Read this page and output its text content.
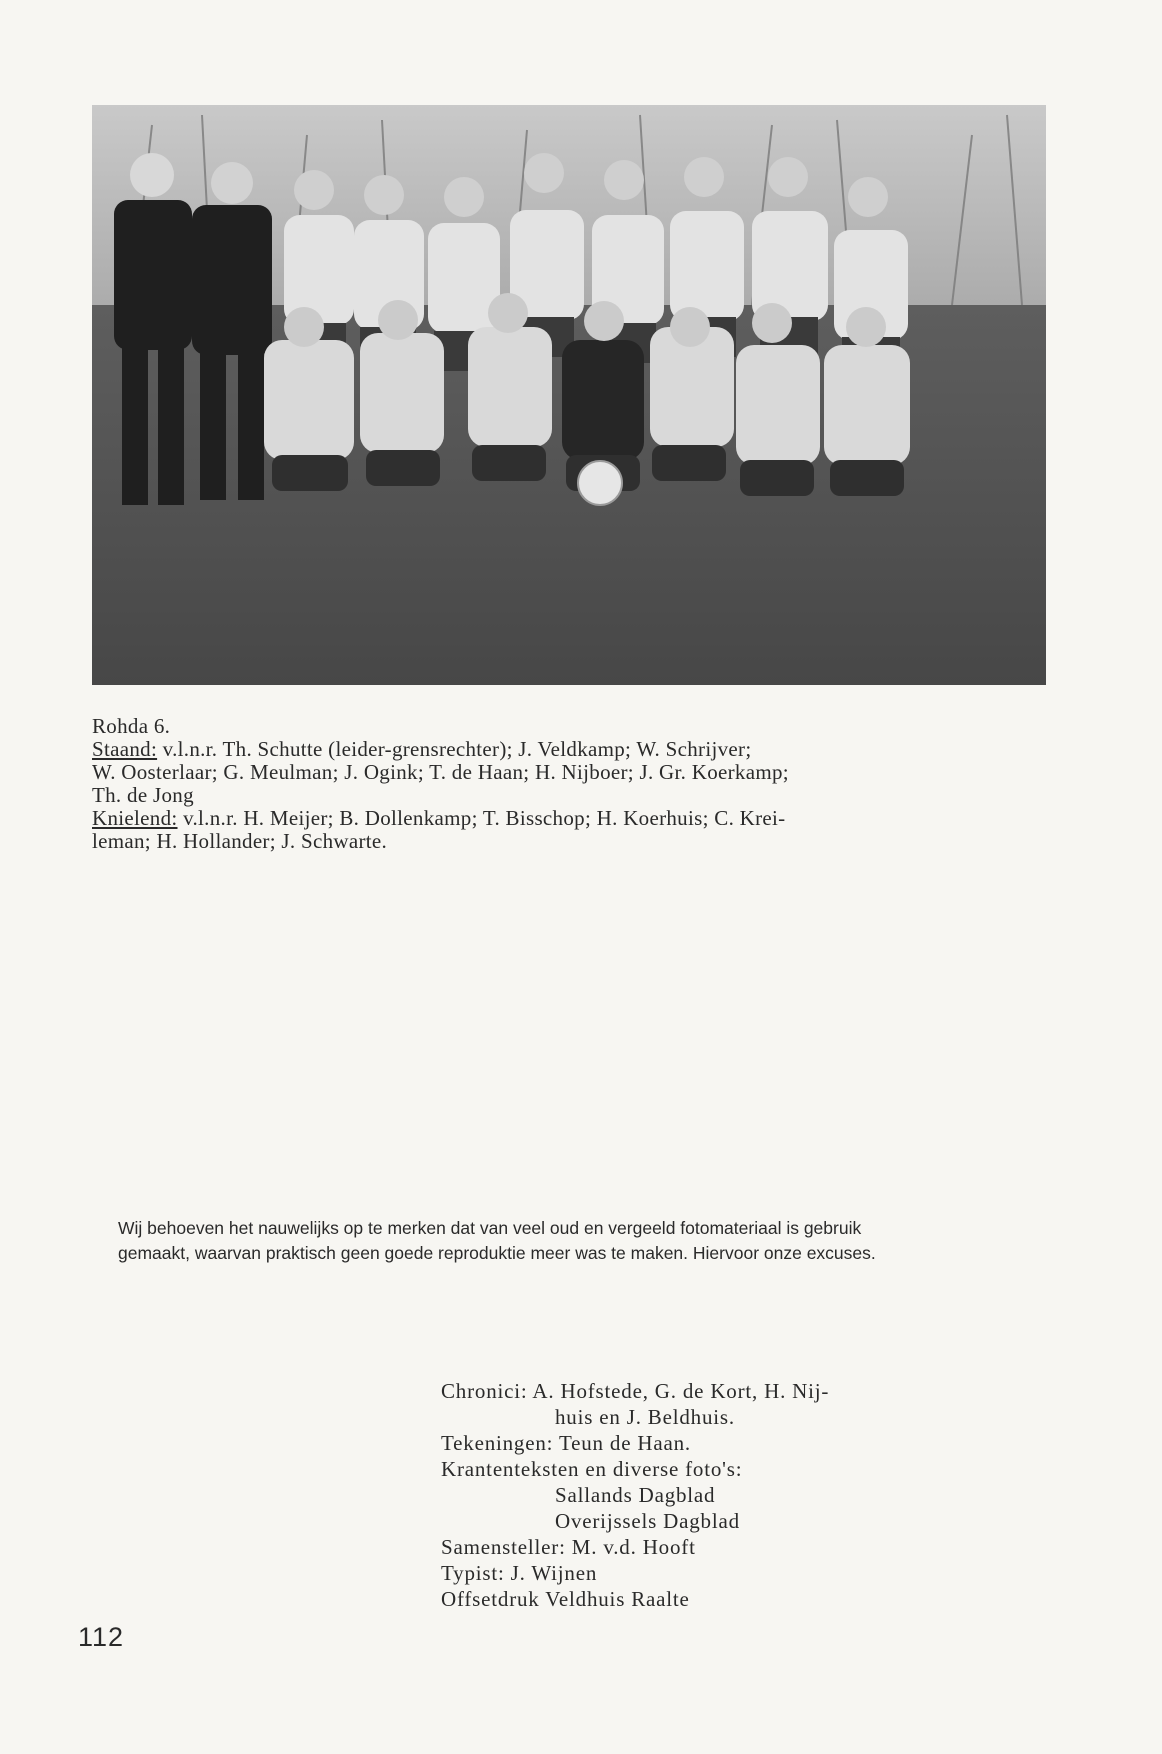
Rohda 6.
Staand: v.l.n.r. Th. Schutte (leider-grensrechter); J. Veldkamp; W. Schrijver;
W. Oosterlaar; G. Meulman; J. Ogink; T. de Haan; H. Nijboer; J. Gr. Koerkamp;
Th. de Jong
Knielend: v.l.n.r. H. Meijer; B. Dollenkamp; T. Bisschop; H. Koerhuis; C. Krei-
leman; H. Hollander; J. Schwarte.
Wij behoeven het nauwelijks op te merken dat van veel oud en vergeeld fotomateriaal is gebruik
gemaakt, waarvan praktisch geen goede reproduktie meer was te maken. Hiervoor onze excuses.
Chronici: A. Hofstede, G. de Kort, H. Nij-
huis en J. Beldhuis.
Tekeningen: Teun de Haan.
Krantenteksten en diverse foto's:
Sallands Dagblad
Overijssels Dagblad
Samensteller: M. v.d. Hooft
Typist: J. Wijnen
Offsetdruk Veldhuis Raalte
112
